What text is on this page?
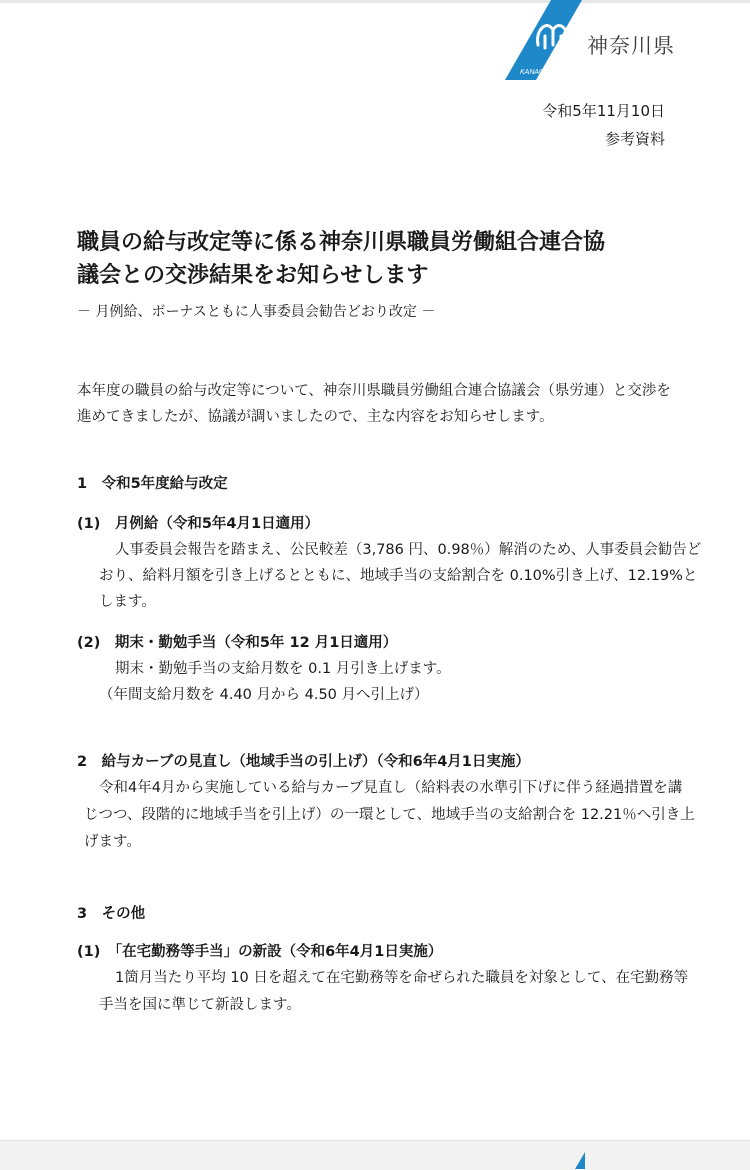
KANAGAWA
神奈川県
令和5年11月10日
参考資料
職員の給与改定等に係る神奈川県職員労働組合連合協
議会との交渉結果をお知らせします
－ 月例給、ボーナスともに人事委員会勧告どおり改定 －
本年度の職員の給与改定等について、神奈川県職員労働組合連合協議会（県労連）と交渉を
進めてきましたが、協議が調いましたので、主な内容をお知らせします。
1　令和5年度給与改定
(1)　月例給（令和5年4月1日適用）
人事委員会報告を踏まえ、公民較差（3,786 円、0.98％）解消のため、人事委員会勧告ど
おり、給料月額を引き上げるとともに、地域手当の支給割合を 0.10%引き上げ、12.19%と
します。
(2)　期末・勤勉手当（令和5年 12 月1日適用）
期末・勤勉手当の支給月数を 0.1 月引き上げます。
（年間支給月数を 4.40 月から 4.50 月へ引上げ）
2　給与カーブの見直し（地域手当の引上げ）（令和6年4月1日実施）
令和4年4月から実施している給与カーブ見直し（給料表の水準引下げに伴う経過措置を講
じつつ、段階的に地域手当を引上げ）の一環として、地域手当の支給割合を 12.21％へ引き上
げます。
3　その他
(1)　「在宅勤務等手当」の新設（令和6年4月1日実施）
1箇月当たり平均 10 日を超えて在宅勤務等を命ぜられた職員を対象として、在宅勤務等
手当を国に準じて新設します。
